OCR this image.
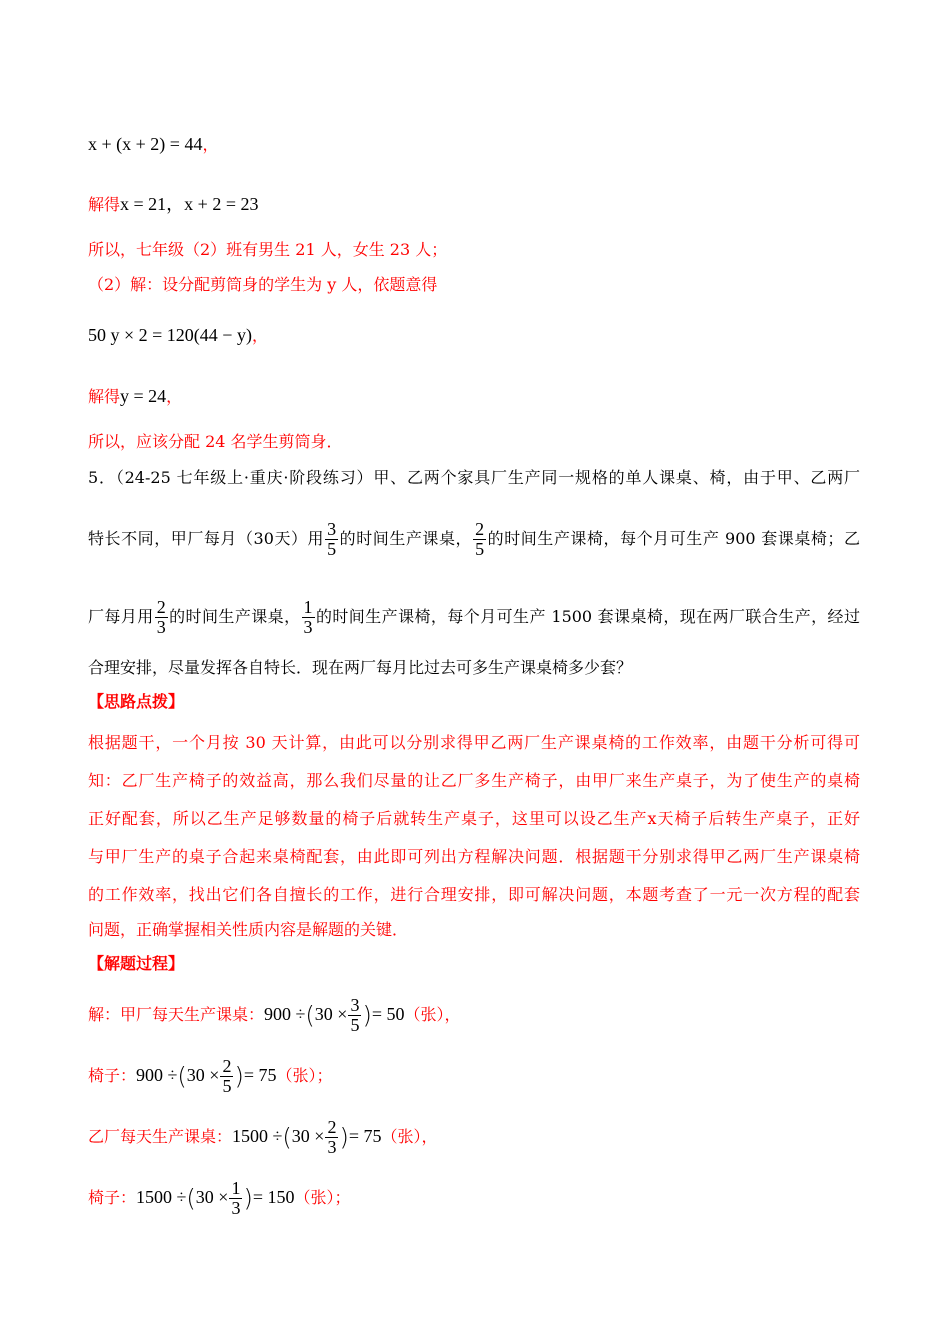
x + (x + 2) = 44，
解得x = 21，x + 2 = 23
所以，七年级（2）班有男生 21 人，女生 23 人；
（2）解：设分配剪筒身的学生为 y 人，依题意得
50 y × 2 = 120(44 − y)，
解得y = 24，
所以，应该分配 24 名学生剪筒身．
5．（24-25 七年级上·重庆·阶段练习）甲、乙两个家具厂生产同一规格的单人课桌、椅，由于甲、乙两厂
特长不同，甲厂每月（30天）用 $\frac{3}{5}$ 的时间生产课桌， $\frac{2}{5}$ 的时间生产课椅，每个月可生产 900 套课桌椅；乙
厂每月用 $\frac{2}{3}$ 的时间生产课桌， $\frac{1}{3}$ 的时间生产课椅，每个月可生产 1500 套课桌椅，现在两厂联合生产，经过
合理安排，尽量发挥各自特长．现在两厂每月比过去可多生产课桌椅多少套？
【思路点拨】
根据题干，一个月按 30 天计算，由此可以分别求得甲乙两厂生产课桌椅的工作效率，由题干分析可得可
知：乙厂生产椅子的效益高，那么我们尽量的让乙厂多生产椅子，由甲厂来生产桌子，为了使生产的桌椅
正好配套，所以乙生产足够数量的椅子后就转生产桌子，这里可以设乙生产x天椅子后转生产桌子，正好
与甲厂生产的桌子合起来桌椅配套，由此即可列出方程解决问题．根据题干分别求得甲乙两厂生产课桌椅
的工作效率，找出它们各自擅长的工作，进行合理安排，即可解决问题，本题考查了一元一次方程的配套
问题，正确掌握相关性质内容是解题的关键．
【解题过程】
解：甲厂每天生产课桌：$900 \div(30 \times \frac{3}{5}$ )= 50（张），
椅子：$900 \div(30 \times \frac{2}{5}$ )= 75（张）；
乙厂每天生产课桌：$1500 \div(30 \times \frac{2}{3}$ )= 75（张），
椅子：$1500 \div(30 \times \frac{1}{3}$ )= 150（张）；
